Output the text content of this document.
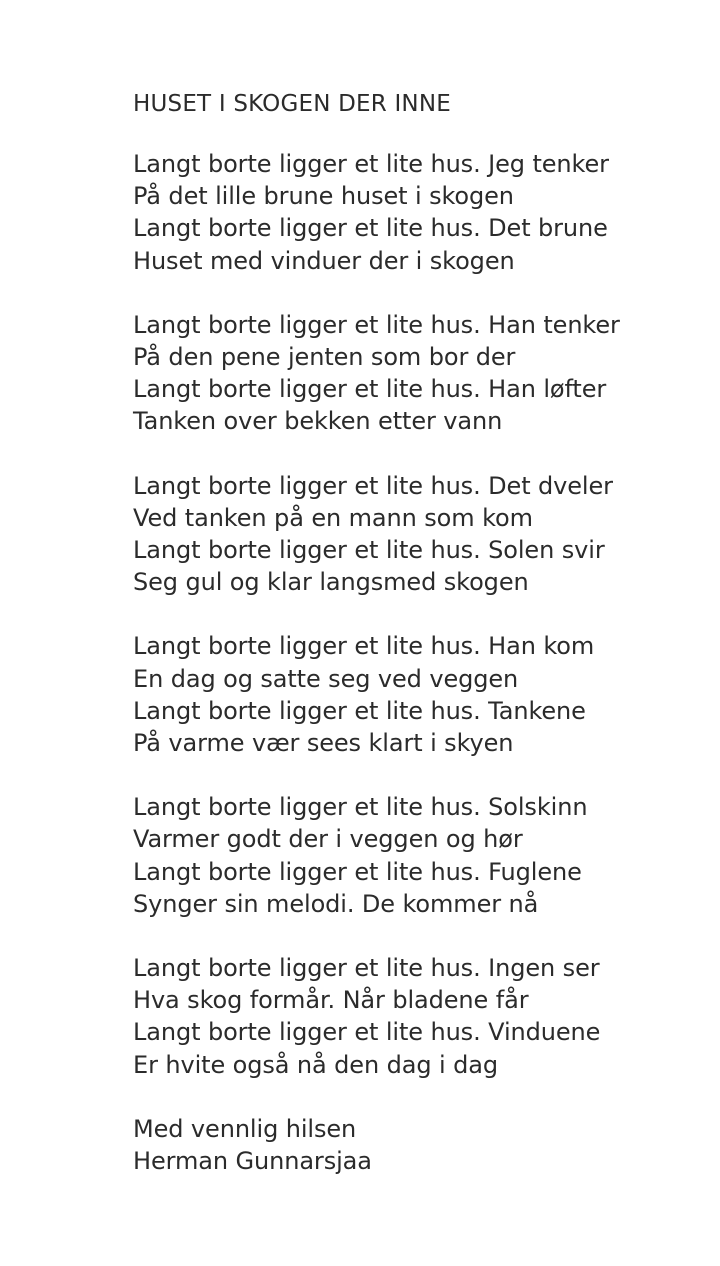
HUSET I SKOGEN DER INNE
Langt borte ligger et lite hus. Jeg tenker
På det lille brune huset i skogen
Langt borte ligger et lite hus. Det brune
Huset med vinduer der i skogen
Langt borte ligger et lite hus. Han tenker
På den pene jenten som bor der
Langt borte ligger et lite hus. Han løfter
Tanken over bekken etter vann
Langt borte ligger et lite hus. Det dveler
Ved tanken på en mann som kom
Langt borte ligger et lite hus. Solen svir
Seg gul og klar langsmed skogen
Langt borte ligger et lite hus. Han kom
En dag og satte seg ved veggen
Langt borte ligger et lite hus. Tankene
På varme vær sees klart i skyen
Langt borte ligger et lite hus. Solskinn
Varmer godt der i veggen og hør
Langt borte ligger et lite hus. Fuglene
Synger sin melodi. De kommer nå
Langt borte ligger et lite hus. Ingen ser
Hva skog formår. Når bladene får
Langt borte ligger et lite hus. Vinduene
Er hvite også nå den dag i dag
Med vennlig hilsen
Herman Gunnarsjaa
